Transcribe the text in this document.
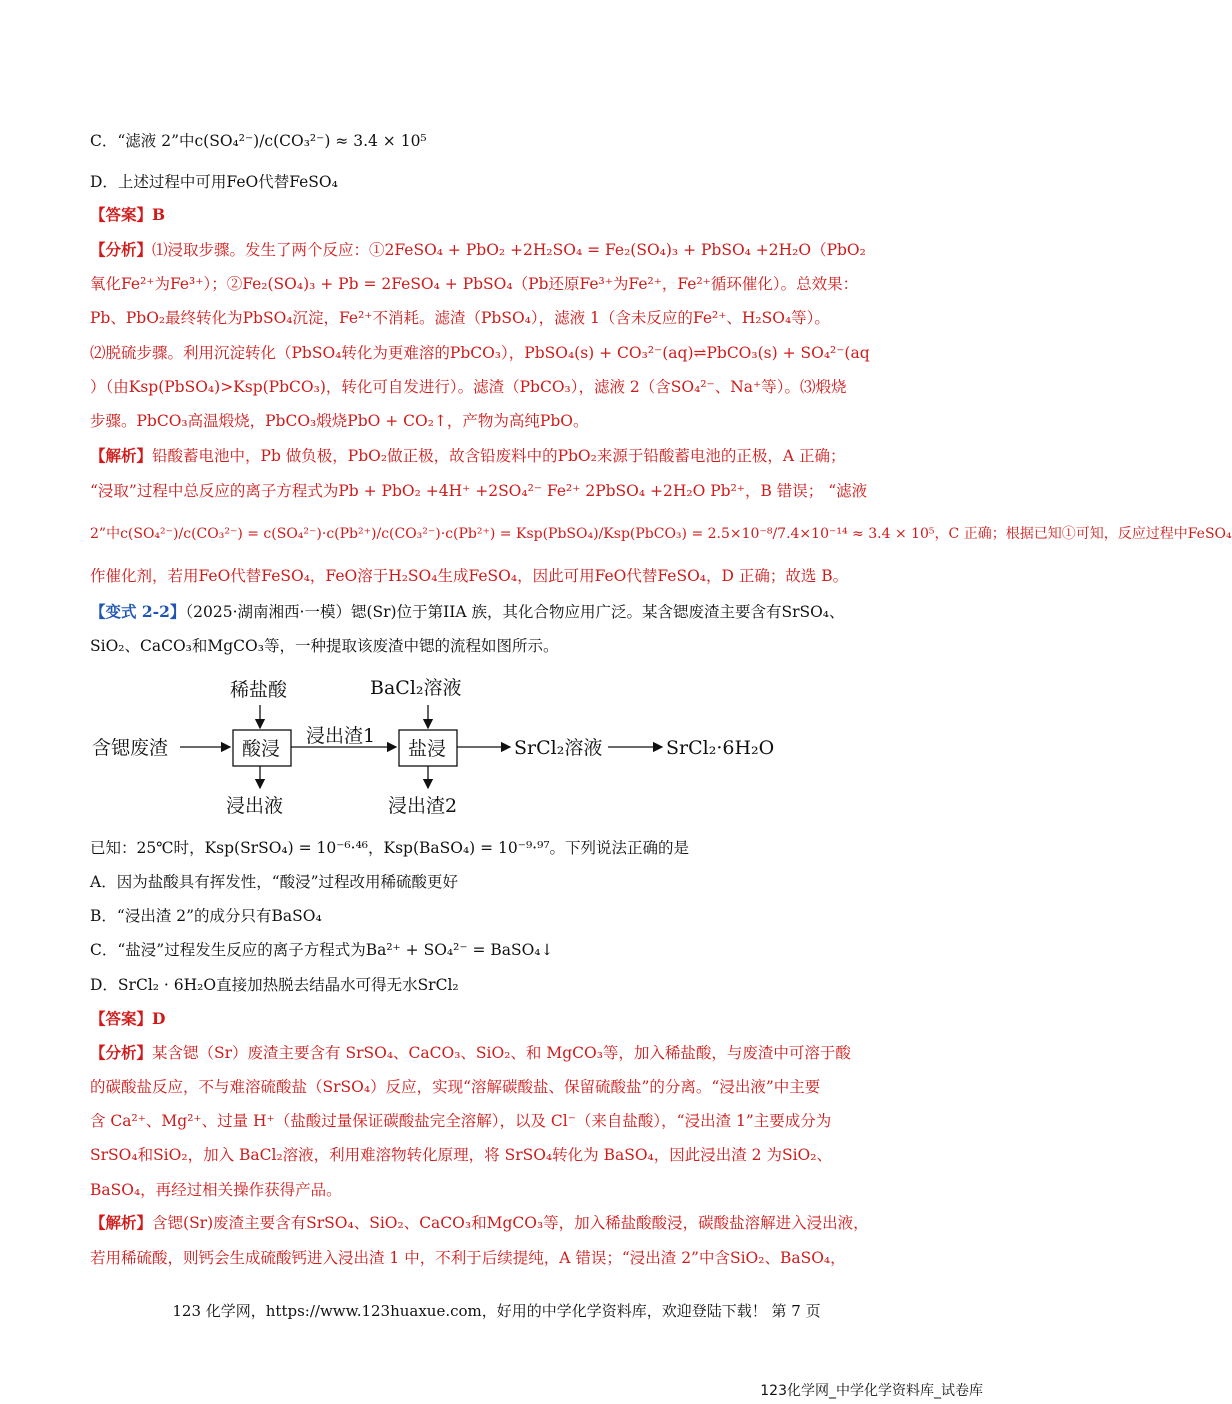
C．“滤液 2”中c(SO₄²⁻)/c(CO₃²⁻) ≈ 3.4 × 10⁵
D．上述过程中可用FeO代替FeSO₄
【答案】B
【分析】⑴浸取步骤。发生了两个反应：①2FeSO₄ + PbO₂ +2H₂SO₄ = Fe₂(SO₄)₃ + PbSO₄ +2H₂O（PbO₂
氧化Fe²⁺为Fe³⁺）；②Fe₂(SO₄)₃ + Pb = 2FeSO₄ + PbSO₄（Pb还原Fe³⁺为Fe²⁺，Fe²⁺循环催化）。总效果：
Pb、PbO₂最终转化为PbSO₄沉淀，Fe²⁺不消耗。滤渣（PbSO₄），滤液 1（含未反应的Fe²⁺、H₂SO₄等）。
⑵脱硫步骤。利用沉淀转化（PbSO₄转化为更难溶的PbCO₃），PbSO₄(s) + CO₃²⁻(aq)⇌PbCO₃(s) + SO₄²⁻(aq
）（由Ksp(PbSO₄)>Ksp(PbCO₃)，转化可自发进行）。滤渣（PbCO₃），滤液 2（含SO₄²⁻、Na⁺等）。⑶煅烧
步骤。PbCO₃高温煅烧，PbCO₃煅烧PbO + CO₂↑，产物为高纯PbO。
【解析】铅酸蓄电池中，Pb 做负极，PbO₂做正极，故含铅废料中的PbO₂来源于铅酸蓄电池的正极，A 正确；
“浸取”过程中总反应的离子方程式为Pb + PbO₂ +4H⁺ +2SO₄²⁻ Fe²⁺ 2PbSO₄ +2H₂O Pb²⁺，B 错误； “滤液
2”中c(SO₄²⁻)/c(CO₃²⁻) = c(SO₄²⁻)·c(Pb²⁺)/c(CO₃²⁻)·c(Pb²⁺) = Ksp(PbSO₄)/Ksp(PbCO₃) = 2.5×10⁻⁸/7.4×10⁻¹⁴ ≈ 3.4 × 10⁵，C 正确；根据已知①可知，反应过程中FeSO₄
作催化剂，若用FeO代替FeSO₄，FeO溶于H₂SO₄生成FeSO₄，因此可用FeO代替FeSO₄，D 正确；故选 B。
【变式 2-2】（2025·湖南湘西·一模）锶(Sr)位于第IIA 族，其化合物应用广泛。某含锶废渣主要含有SrSO₄、
SiO₂、CaCO₃和MgCO₃等，一种提取该废渣中锶的流程如图所示。
稀盐酸	BaCl₂溶液
含锶废渣	酸浸
浸出渣1
盐浸	SrCl₂溶液	SrCl₂·6H₂O
浸出液	浸出渣2
已知：25℃时，Ksp(SrSO₄) = 10⁻⁶·⁴⁶，Ksp(BaSO₄) = 10⁻⁹·⁹⁷。下列说法正确的是
A．因为盐酸具有挥发性，“酸浸”过程改用稀硫酸更好
B．“浸出渣 2”的成分只有BaSO₄
C．“盐浸”过程发生反应的离子方程式为Ba²⁺ + SO₄²⁻ = BaSO₄↓
D．SrCl₂ · 6H₂O直接加热脱去结晶水可得无水SrCl₂
【答案】D
【分析】某含锶（Sr）废渣主要含有 SrSO₄、CaCO₃、SiO₂、和 MgCO₃等，加入稀盐酸，与废渣中可溶于酸
的碳酸盐反应，不与难溶硫酸盐（SrSO₄）反应，实现“溶解碳酸盐、保留硫酸盐”的分离。“浸出液”中主要
含 Ca²⁺、Mg²⁺、过量 H⁺（盐酸过量保证碳酸盐完全溶解），以及 Cl⁻（来自盐酸），“浸出渣 1”主要成分为
SrSO₄和SiO₂，加入 BaCl₂溶液，利用难溶物转化原理，将 SrSO₄转化为 BaSO₄，因此浸出渣 2 为SiO₂、
BaSO₄，再经过相关操作获得产品。
【解析】含锶(Sr)废渣主要含有SrSO₄、SiO₂、CaCO₃和MgCO₃等，加入稀盐酸酸浸，碳酸盐溶解进入浸出液，
若用稀硫酸，则钙会生成硫酸钙进入浸出渣 1 中，不利于后续提纯，A 错误；“浸出渣 2”中含SiO₂、BaSO₄，
123 化学网，https://www.123huaxue.com，好用的中学化学资料库，欢迎登陆下载！ 第 7 页
123化学网_中学化学资料库_试卷库
